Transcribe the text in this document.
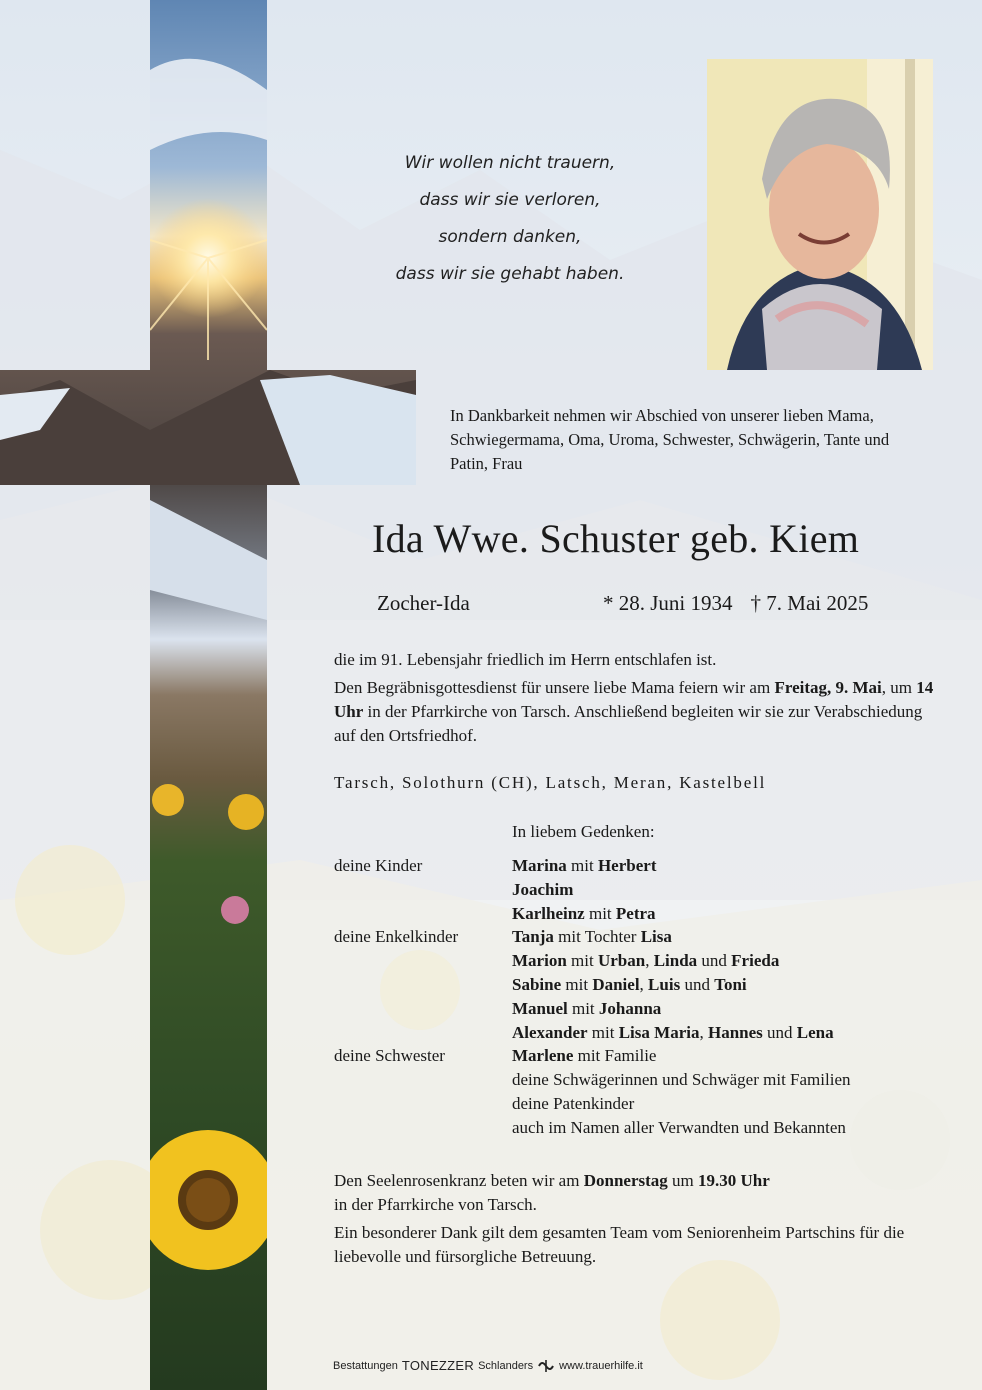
Wir wollen nicht trauern,
dass wir sie verloren,
sondern danken,
dass wir sie gehabt haben.
In Dankbarkeit nehmen wir Abschied von unserer lieben Mama, Schwiegermama, Oma, Uroma, Schwester, Schwägerin, Tante und Patin, Frau
Ida Wwe. Schuster geb. Kiem
Zocher-Ida	* 28. Juni 1934 † 7. Mai 2025

die im 91. Lebensjahr friedlich im Herrn entschlafen ist.

Den Begräbnisgottesdienst für unsere liebe Mama feiern wir am Freitag, 9. Mai, um 14 Uhr in der Pfarrkirche von Tarsch. Anschließend begleiten wir sie zur Verabschiedung auf den Ortsfriedhof.

Tarsch, Solothurn (CH), Latsch, Meran, Kastelbell
In liebem Gedenken:
deine Kinder	Marina mit Herbert
Joachim
Karlheinz mit Petra
deine Enkelkinder	Tanja mit Tochter Lisa
Marion mit Urban, Linda und Frieda
Sabine mit Daniel, Luis und Toni
Manuel mit Johanna
Alexander mit Lisa Maria, Hannes und Lena
deine Schwester	Marlene mit Familie
deine Schwägerinnen und Schwäger mit Familien
deine Patenkinder
auch im Namen aller Verwandten und Bekannten

Den Seelenrosenkranz beten wir am Donnerstag um 19.30 Uhr
in der Pfarrkirche von Tarsch.

Ein besonderer Dank gilt dem gesamten Team vom Seniorenheim Partschins für die liebevolle und fürsorgliche Betreuung.

Bestattungen TONEZZER Schlanders www.trauerhilfe.it
